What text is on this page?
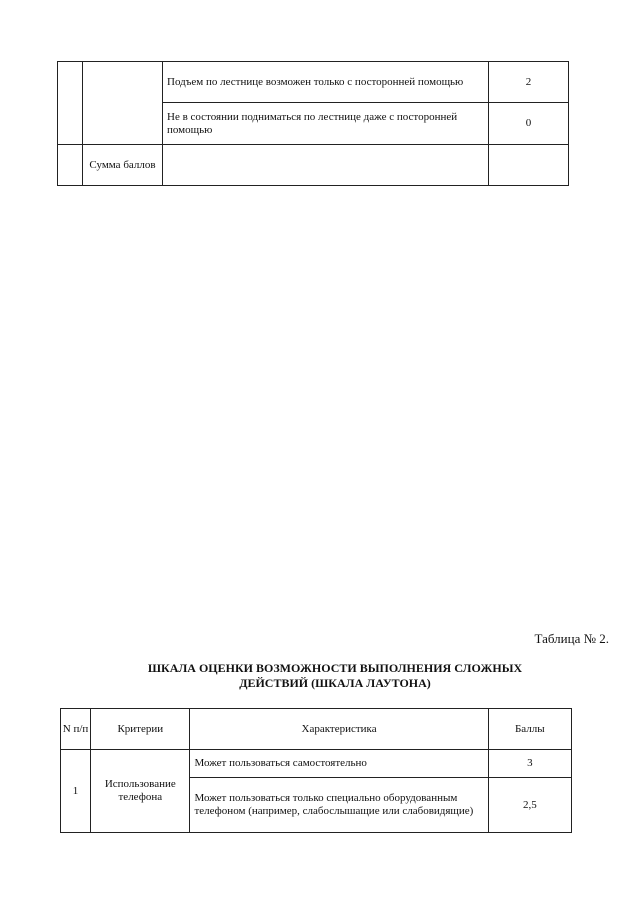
		Подъем по лестнице возможен только с посторонней помощью	2
		Не в состоянии подниматься по лестнице даже с посторонней помощью	0
	Сумма баллов		
Таблица № 2.
ШКАЛА ОЦЕНКИ ВОЗМОЖНОСТИ ВЫПОЛНЕНИЯ СЛОЖНЫХ
ДЕЙСТВИЙ (ШКАЛА ЛАУТОНА)
N п/п	Критерии	Характеристика	Баллы
1	Использование телефона	Может пользоваться самостоятельно	3
		Может пользоваться только специально оборудованным телефоном (например, слабослышащие или слабовидящие)	2,5
